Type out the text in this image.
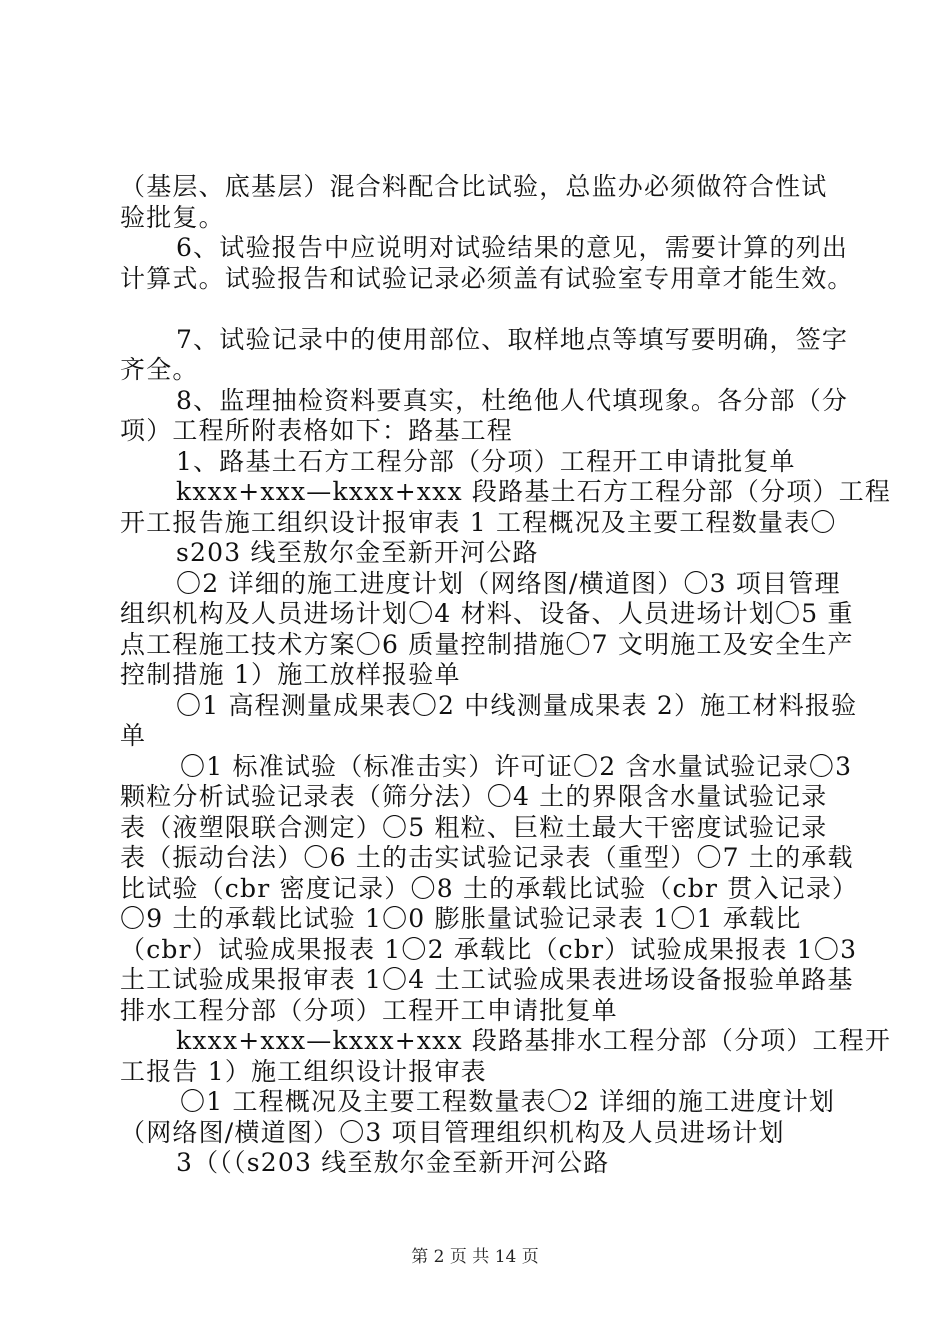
（基层、底基层）混合料配合比试验，总监办必须做符合性试
验批复。
6、试验报告中应说明对试验结果的意见，需要计算的列出
计算式。试验报告和试验记录必须盖有试验室专用章才能生效。
7、试验记录中的使用部位、取样地点等填写要明确，签字
齐全。
8、监理抽检资料要真实，杜绝他人代填现象。各分部（分
项）工程所附表格如下：路基工程
1、路基土石方工程分部（分项）工程开工申请批复单
kxxx+xxx—kxxx+xxx 段路基土石方工程分部（分项）工程
开工报告施工组织设计报审表 1 工程概况及主要工程数量表〇
s203 线至敖尔金至新开河公路
〇2 详细的施工进度计划（网络图/横道图）〇3 项目管理
组织机构及人员进场计划〇4 材料、设备、人员进场计划〇5 重
点工程施工技术方案〇6 质量控制措施〇7 文明施工及安全生产
控制措施 1）施工放样报验单
〇1 高程测量成果表〇2 中线测量成果表 2）施工材料报验
单
〇1 标准试验（标准击实）许可证〇2 含水量试验记录〇3
颗粒分析试验记录表（筛分法）〇4 土的界限含水量试验记录
表（液塑限联合测定）〇5 粗粒、巨粒土最大干密度试验记录
表（振动台法）〇6 土的击实试验记录表（重型）〇7 土的承载
比试验（cbr 密度记录）〇8 土的承载比试验（cbr 贯入记录）
〇9 土的承载比试验 1〇0 膨胀量试验记录表 1〇1 承载比
（cbr）试验成果报表 1〇2 承载比（cbr）试验成果报表 1〇3
土工试验成果报审表 1〇4 土工试验成果表进场设备报验单路基
排水工程分部（分项）工程开工申请批复单
kxxx+xxx—kxxx+xxx 段路基排水工程分部（分项）工程开
工报告 1）施工组织设计报审表
〇1 工程概况及主要工程数量表〇2 详细的施工进度计划
（网络图/横道图）〇3 项目管理组织机构及人员进场计划
3（（（s203 线至敖尔金至新开河公路
第 2 页 共 14 页
